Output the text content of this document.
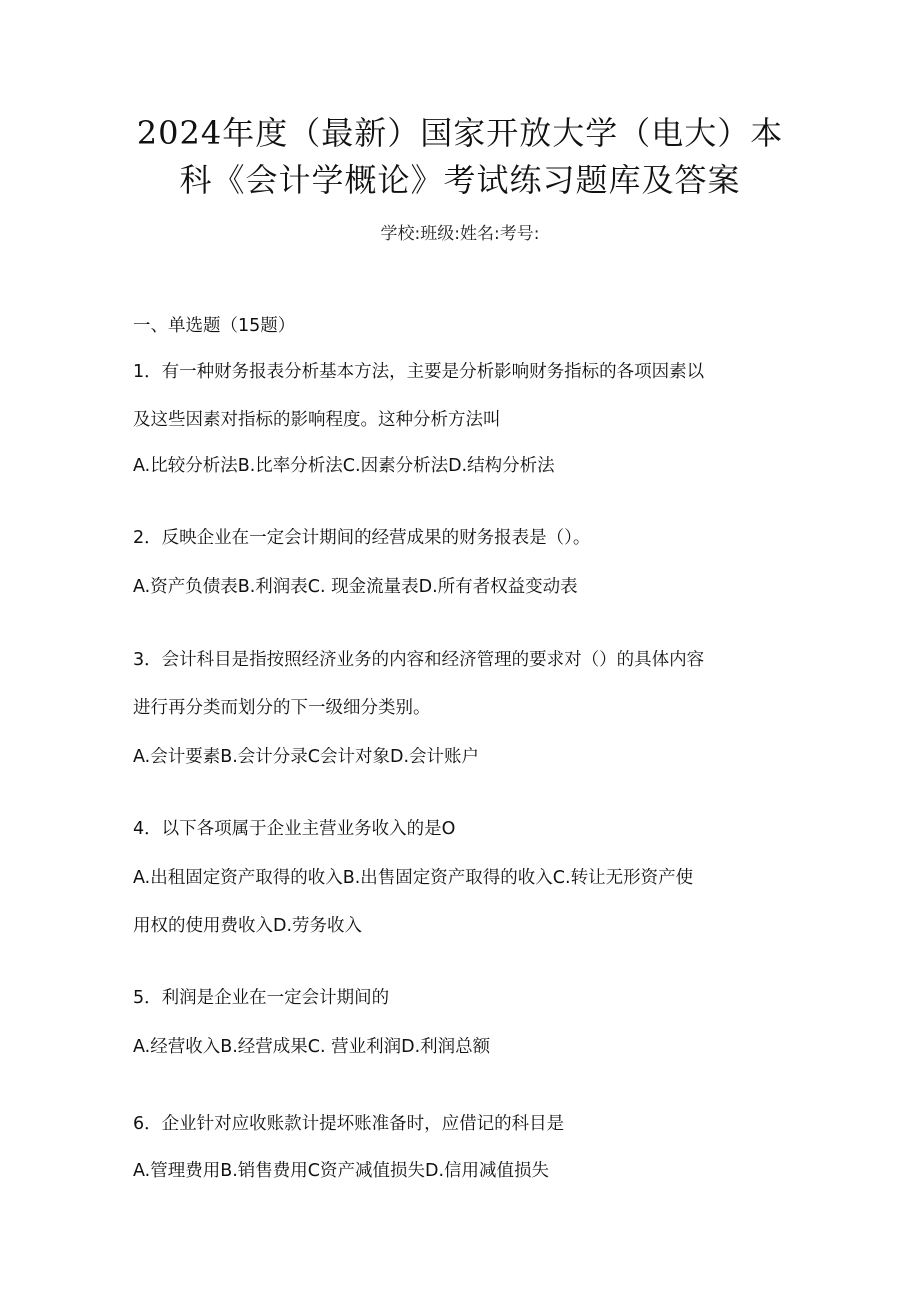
2024年度（最新）国家开放大学（电大）本
科《会计学概论》考试练习题库及答案
学校:班级:姓名:考号:
一、单选题（15题）
1．有一种财务报表分析基本方法，主要是分析影响财务指标的各项因素以
及这些因素对指标的影响程度。这种分析方法叫
A.比较分析法B.比率分析法C.因素分析法D.结构分析法
2．反映企业在一定会计期间的经营成果的财务报表是（）。
A.资产负债表B.利润表C. 现金流量表D.所有者权益变动表
3．会计科目是指按照经济业务的内容和经济管理的要求对（）的具体内容
进行再分类而划分的下一级细分类别。
A.会计要素B.会计分录C会计对象D.会计账户
4．以下各项属于企业主营业务收入的是O
A.出租固定资产取得的收入B.出售固定资产取得的收入C.转让无形资产使
用权的使用费收入D.劳务收入
5．利润是企业在一定会计期间的
A.经营收入B.经营成果C. 营业利润D.利润总额
6．企业针对应收账款计提坏账准备时，应借记的科目是
A.管理费用B.销售费用C资产减值损失D.信用减值损失
